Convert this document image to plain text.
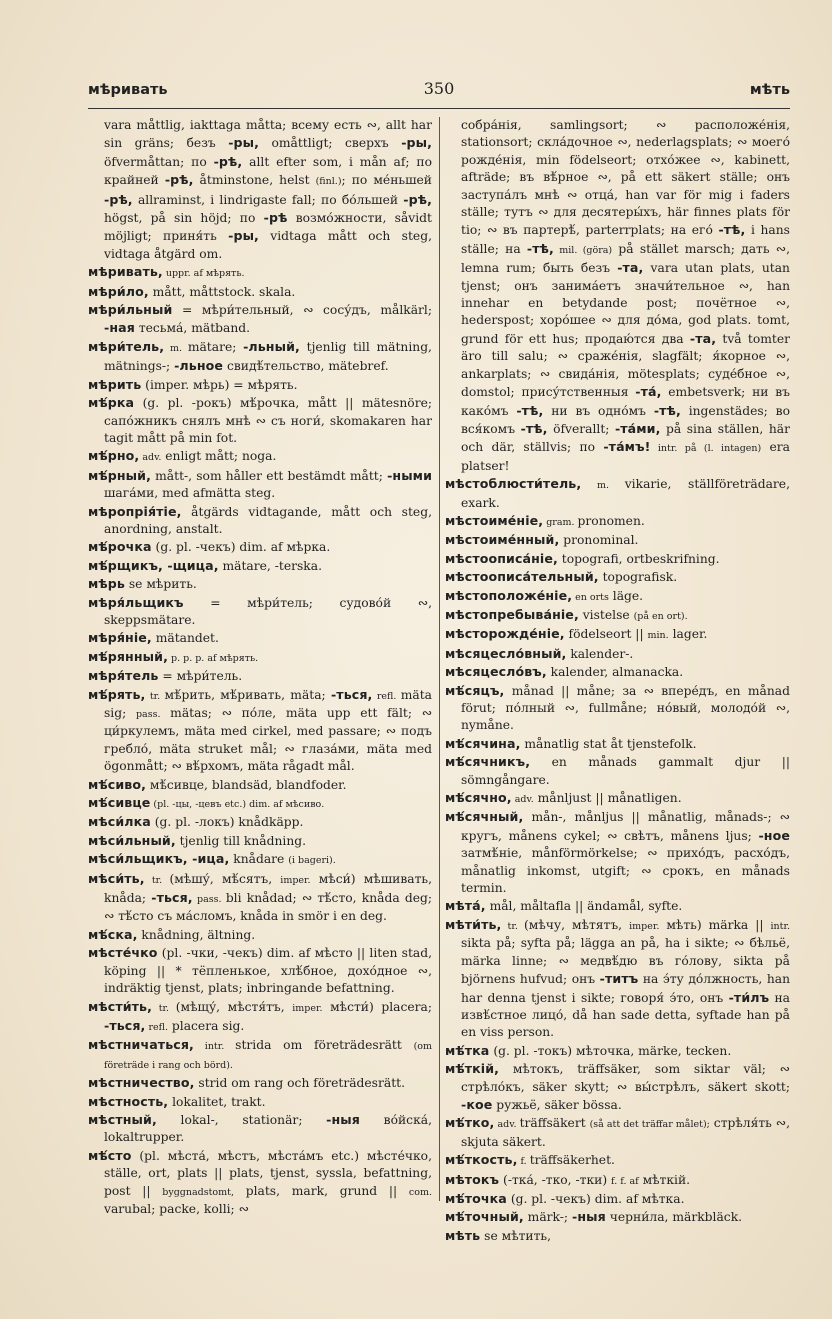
мѣривать	350	мѣть

vara måttlig, iakttaga måtta; всему есть ∾, allt har sin gräns; безъ -ры, omåttligt; сверхъ -ры, öfvermåttan; по -рѣ, allt efter som, i mån af; по крайней -рѣ, åtminstone, helst (finl.); по ме́ньшей -рѣ, allraminst, i lindrigaste fall; по бо́льшей -рѣ, högst, på sin höjd; по -рѣ возмо́жности, såvidt möjligt; приня́ть -ры, vidtaga mått och steg, vidtaga åtgärd om.

мѣривать, uppr. af мѣрять.

мѣри́ло, mått, måttstock. skala.

мѣри́льный = мѣри́тельный, ∾ сосу́дъ, målkärl; -ная тесьма́, mätband.

мѣри́тель, m. mätare; -льный, tjenlig till mätning, mätnings-; -льное свидѣ́тельство, mätebref.

мѣрить (imper. мѣрь) = мѣрять.

мѣ́рка (g. pl. -рокъ) мѣ́рочка, mått || mätesnöre; сапо́жникъ снялъ мнѣ ∾ съ ноги́, skomakaren har tagit mått på min fot.

мѣ́рно, adv. enligt mått; noga.

мѣ́рный, mått-, som håller ett bestämdt mått; -ными шага́ми, med afmätta steg.

мѣропрія́тіе, åtgärds vidtagande, mått och steg, anordning, anstalt.

мѣ́рочка (g. pl. -чекъ) dim. af мѣрка.

мѣ́рщикъ, -щица, mätare, -terska.

мѣрь se мѣрить.

мѣря́льщикъ = мѣри́тель; судово́й ∾, skeppsmätare.

мѣря́ніе, mätandet.

мѣ́рянный, p. p. p. af мѣрять.

мѣря́тель = мѣри́тель.

мѣ́рять, tr. мѣ́рить, мѣ́ривать, mäta; -ться, refl. mäta sig; pass. mätas; ∾ по́ле, mäta upp ett fält; ∾ ци́ркулемъ, mäta med cirkel, med passare; ∾ подъ гребло́, mäta struket mål; ∾ глаза́ми, mäta med ögonmått; ∾ вѣ́рхомъ, mäta rågadt mål.

мѣ́сиво, мѣ́сивце, blandsäd, blandfoder.

мѣ́сивце (pl. -цы, -цевъ etc.) dim. af мѣсиво.

мѣси́лка (g. pl. -локъ) knådkäpp.

мѣси́льный, tjenlig till knådning.

мѣси́льщикъ, -ица, knådare (i bageri).

мѣси́ть, tr. (мѣшу́, мѣ́сятъ, imper. мѣси́) мѣшивать, knåda; -ться, pass. bli knådad; ∾ тѣ́сто, knåda deg; ∾ тѣ́сто съ ма́сломъ, knåda in smör i en deg.

мѣ́ска, knådning, ältning.

мѣсте́чко (pl. -чки, -чекъ) dim. af мѣсто || liten stad, köping || * тёпленькое, хлѣ́бное, дохо́дное ∾, indräktig tjenst, plats; inbringande befattning.

мѣсти́ть, tr. (мѣщу́, мѣстя́тъ, imper. мѣсти́) placera; -ться, refl. placera sig.

мѣстничаться, intr. strida om företrädesrätt (om företräde i rang och börd).

мѣстничество, strid om rang och företrädesrätt.

мѣстность, lokalitet, trakt.

мѣстный, lokal-, stationär; -ныя во́йска́, lokaltrupper.

мѣ́сто (pl. мѣста́, мѣстъ, мѣста́мъ etc.) мѣсте́чко, ställe, ort, plats || plats, tjenst, syssla, befattning, post || byggnadstomt, plats, mark, grund || com. varubal; packe, kolli; ∾

собра́нія, samlingsort; ∾ расположе́нія, stationsort; скла́дочное ∾, nederlagsplats; ∾ моего́ рожде́нія, min födelseort; отхо́жее ∾, kabinett, afträde; въ вѣ́рное ∾, på ett säkert ställe; онъ заступа́лъ мнѣ ∾ отца́, han var för mig i faders ställe; тутъ ∾ для десятеры́хъ, här finnes plats för tio; ∾ въ партерѣ́, parterrplats; на его́ -тѣ, i hans ställe; на -тѣ, mil. (göra) på stället marsch; дать ∾, lemna rum; быть безъ -та, vara utan plats, utan tjenst; онъ занима́етъ значи́тельное ∾, han innehar en betydande post; почётное ∾, hederspost; хоро́шее ∾ для до́ма, god plats. tomt, grund för ett hus; продаю́тся два -та, två tomter äro till salu; ∾ сраже́нія, slagfält; я́корное ∾, ankarplats; ∾ свида́нія, mötesplats; суде́бное ∾, domstol; прису́тственныя -та́, embetsverk; ни въ како́мъ -тѣ, ни въ одно́мъ -тѣ, ingenstädes; во вся́комъ -тѣ, öfverallt; -та́ми, på sina ställen, här och där, ställvis; по -та́мъ! intr. på (l. intagen) era platser!

мѣстоблюсти́тель, m. vikarie, ställföreträdare, exark.

мѣстоиме́ніе, gram. pronomen.

мѣстоиме́нный, pronominal.

мѣстоописа́ніе, topografi, ortbeskrifning.

мѣстоописа́тельный, topografisk.

мѣстоположе́ніе, en orts läge.

мѣстопребыва́ніе, vistelse (på en ort).

мѣсторожде́ніе, födelseort || min. lager.

мѣсяцесло́вный, kalender-.

мѣсяцесло́въ, kalender, almanacka.

мѣ́сяцъ, månad || måne; за ∾ впере́дъ, en månad förut; по́лный ∾, fullmåne; но́вый, молодо́й ∾, nymåne.

мѣ́сячина, månatlig stat åt tjenstefolk.

мѣ́сячникъ, en månads gammalt djur || sömngångare.

мѣ́сячно, adv. månljust || månatligen.

мѣ́сячный, mån-, månljus || månatlig, månads-; ∾ кругъ, månens cykel; ∾ свѣтъ, månens ljus; -ное затмѣ́ніе, månförmörkelse; ∾ прихо́дъ, расхо́дъ, månatlig inkomst, utgift; ∾ срокъ, en månads termin.

мѣта́, mål, måltafla || ändamål, syfte.

мѣти́ть, tr. (мѣчу, мѣтятъ, imper. мѣть) märka || intr. sikta på; syfta på; lägga an på, ha i sikte; ∾ бѣльё, märka linne; ∾ медвѣ́дю въ го́лову, sikta på björnens hufvud; онъ -титъ на э́ту до́лжность, han har denna tjenst i sikte; говоря́ э́то, онъ -ти́лъ на извѣ́стное лицо́, då han sade detta, syftade han på en viss person.

мѣ́тка (g. pl. -токъ) мѣточка, märke, tecken.

мѣ́ткій, мѣтокъ, träffsäker, som siktar väl; ∾ стрѣло́къ, säker skytt; ∾ вы́стрѣлъ, säkert skott; -кое ружьё, säker bössa.

мѣ́тко, adv. träffsäkert (så att det träffar målet); стрѣля́ть ∾, skjuta säkert.

мѣ́ткость, f. träffsäkerhet.

мѣтокъ (-тка́, -тко, -тки) f. f. af мѣткій.

мѣ́точка (g. pl. -чекъ) dim. af мѣтка.

мѣ́точный, märk-; -ныя черни́ла, märkbläck.

мѣть se мѣтить,
